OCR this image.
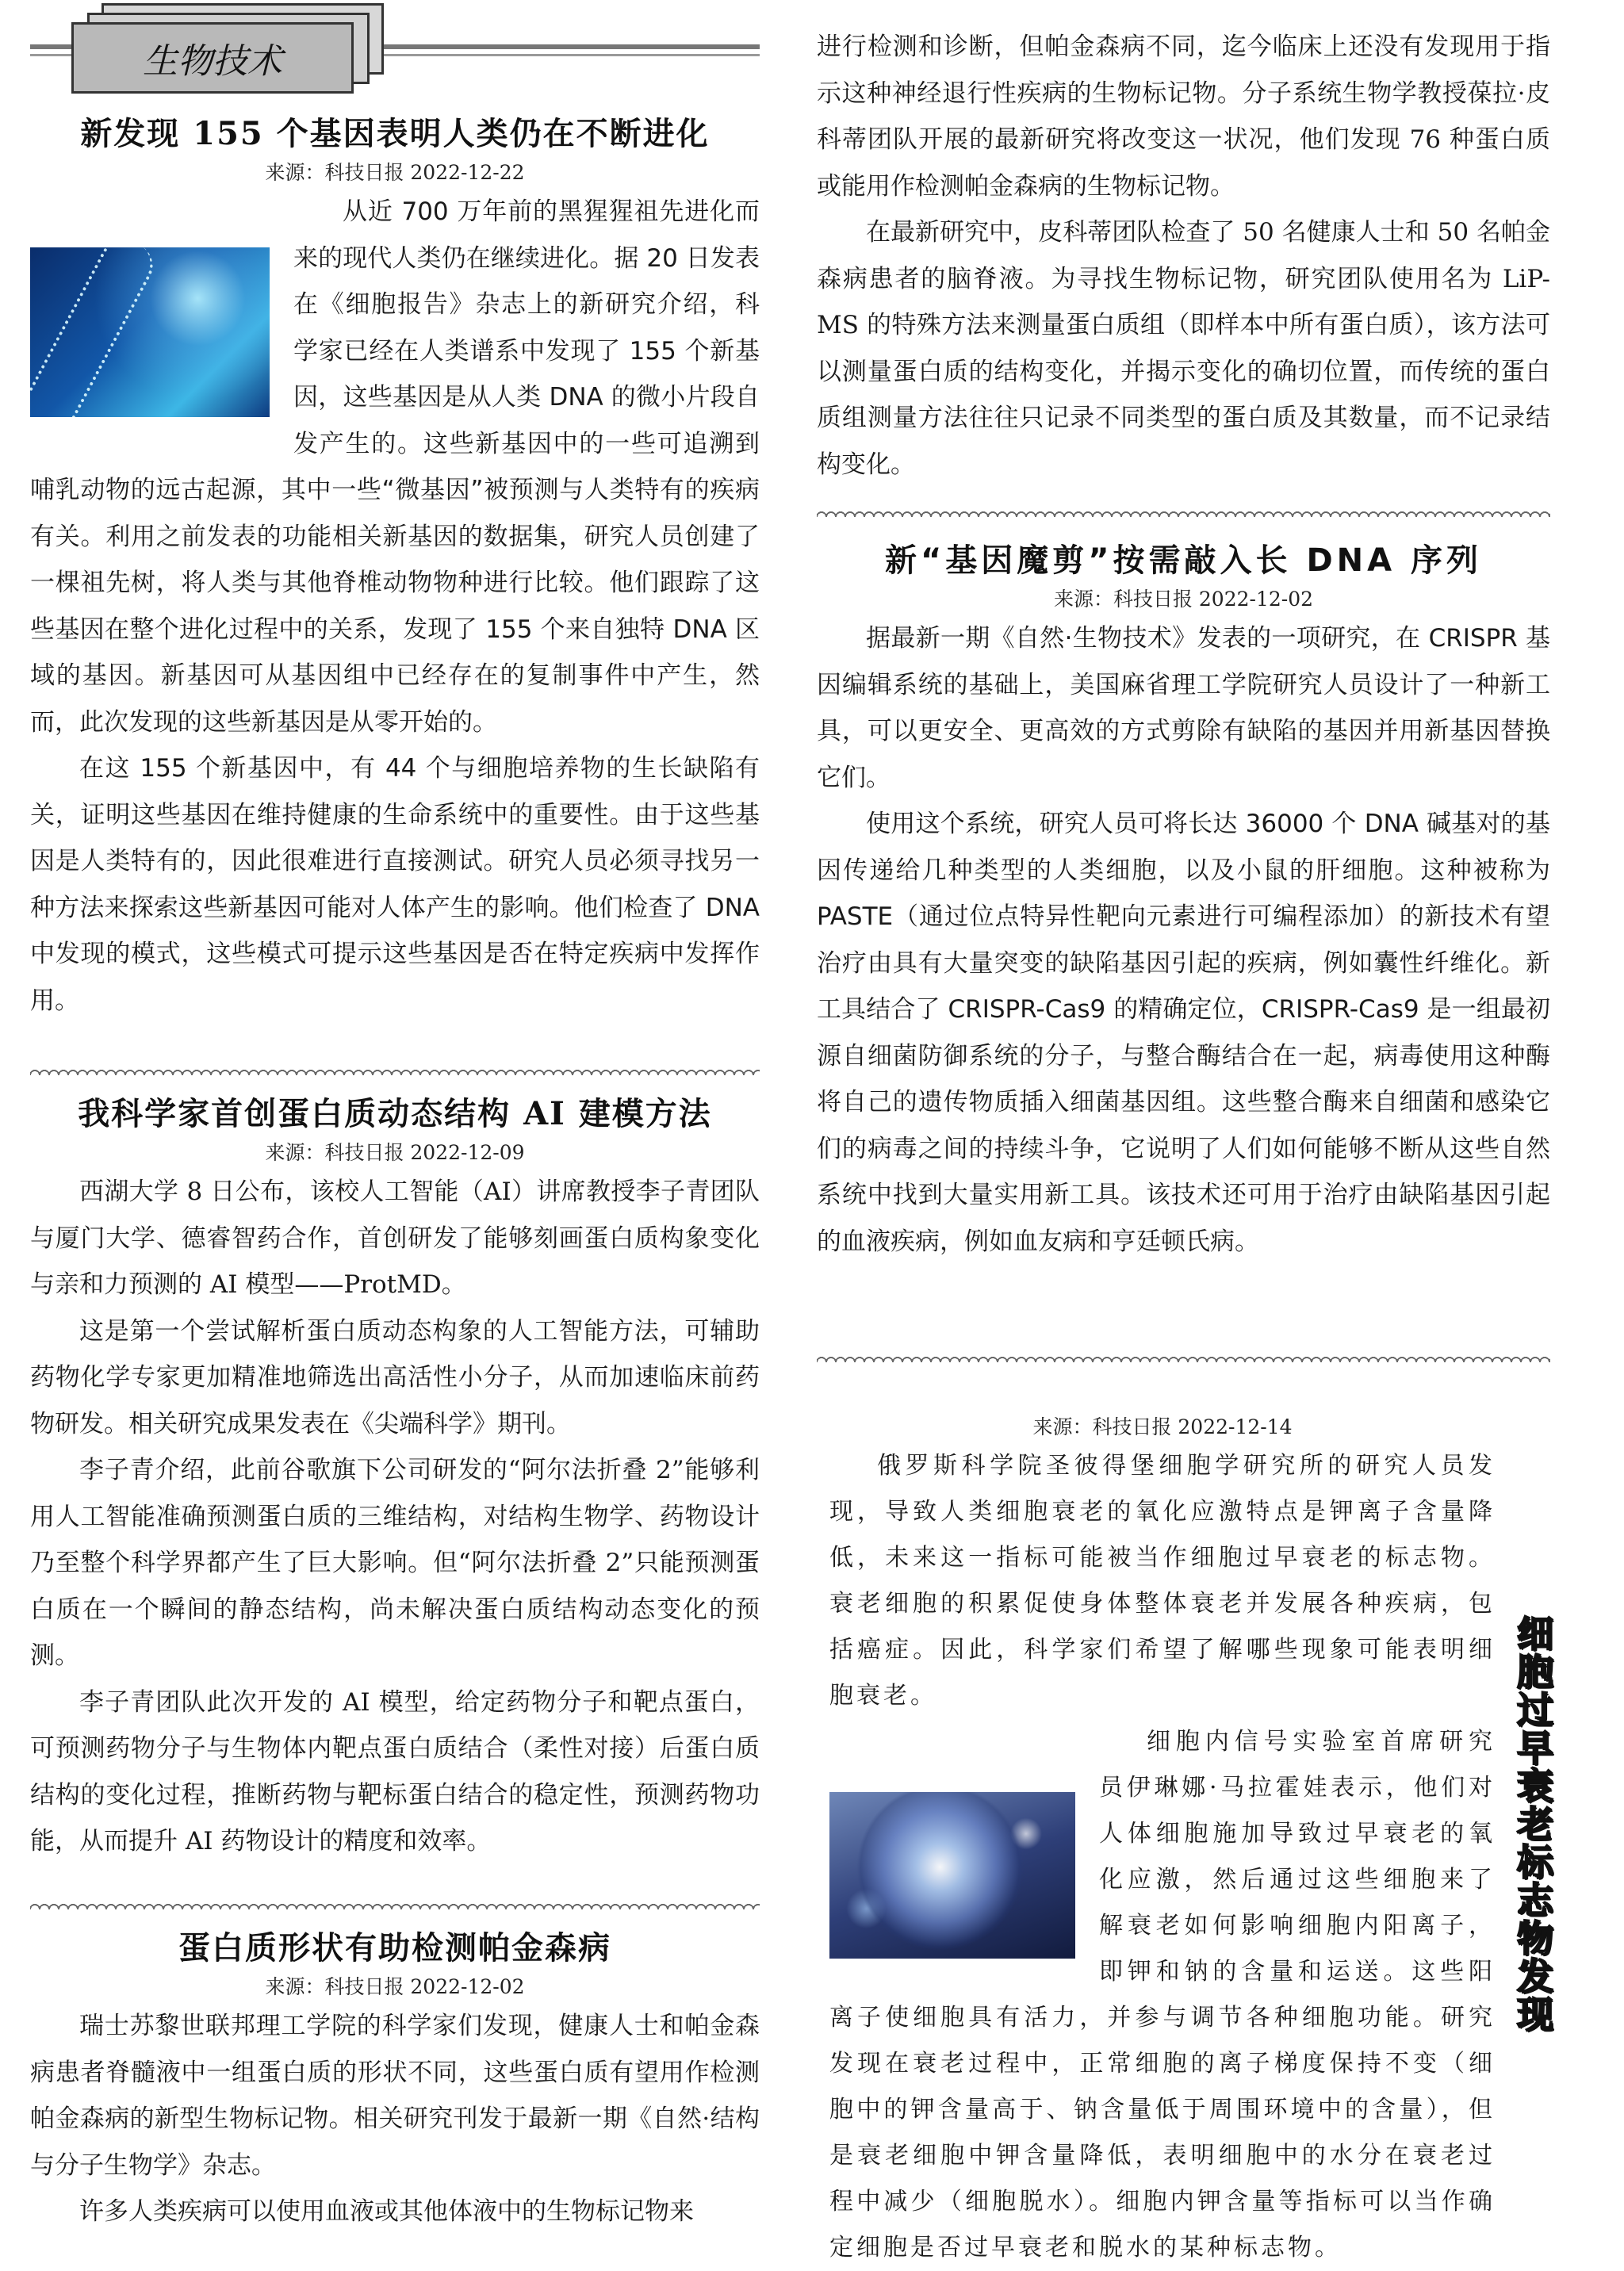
生物技术
新发现 155 个基因表明人类仍在不断进化

来源：科技日报 2022-12-22

从近 700 万年前的黑猩猩祖先进化而来的现代人类仍在继续进化。据 20 日发表在《细胞报告》杂志上的新研究介绍，科学家已经在人类谱系中发现了 155 个新基因，这些基因是从人类 DNA 的微小片段自发产生的。这些新基因中的一些可追溯到哺乳动物的远古起源，其中一些“微基因”被预测与人类特有的疾病有关。利用之前发表的功能相关新基因的数据集，研究人员创建了一棵祖先树，将人类与其他脊椎动物物种进行比较。他们跟踪了这些基因在整个进化过程中的关系，发现了 155 个来自独特 DNA 区域的基因。新基因可从基因组中已经存在的复制事件中产生，然而，此次发现的这些新基因是从零开始的。

在这 155 个新基因中，有 44 个与细胞培养物的生长缺陷有关，证明这些基因在维持健康的生命系统中的重要性。由于这些基因是人类特有的，因此很难进行直接测试。研究人员必须寻找另一种方法来探索这些新基因可能对人体产生的影响。他们检查了 DNA 中发现的模式，这些模式可提示这些基因是否在特定疾病中发挥作用。

我科学家首创蛋白质动态结构 AI 建模方法

来源：科技日报 2022-12-09

西湖大学 8 日公布，该校人工智能（AI）讲席教授李子青团队与厦门大学、德睿智药合作，首创研发了能够刻画蛋白质构象变化与亲和力预测的 AI 模型——ProtMD。

这是第一个尝试解析蛋白质动态构象的人工智能方法，可辅助药物化学专家更加精准地筛选出高活性小分子，从而加速临床前药物研发。相关研究成果发表在《尖端科学》期刊。

李子青介绍，此前谷歌旗下公司研发的“阿尔法折叠 2”能够利用人工智能准确预测蛋白质的三维结构，对结构生物学、药物设计乃至整个科学界都产生了巨大影响。但“阿尔法折叠 2”只能预测蛋白质在一个瞬间的静态结构，尚未解决蛋白质结构动态变化的预测。

李子青团队此次开发的 AI 模型，给定药物分子和靶点蛋白，可预测药物分子与生物体内靶点蛋白质结合（柔性对接）后蛋白质结构的变化过程，推断药物与靶标蛋白结合的稳定性，预测药物功能，从而提升 AI 药物设计的精度和效率。

蛋白质形状有助检测帕金森病

来源：科技日报 2022-12-02

瑞士苏黎世联邦理工学院的科学家们发现，健康人士和帕金森病患者脊髓液中一组蛋白质的形状不同，这些蛋白质有望用作检测帕金森病的新型生物标记物。相关研究刊发于最新一期《自然·结构与分子生物学》杂志。

许多人类疾病可以使用血液或其他体液中的生物标记物来

进行检测和诊断，但帕金森病不同，迄今临床上还没有发现用于指示这种神经退行性疾病的生物标记物。分子系统生物学教授葆拉·皮科蒂团队开展的最新研究将改变这一状况，他们发现 76 种蛋白质或能用作检测帕金森病的生物标记物。

在最新研究中，皮科蒂团队检查了 50 名健康人士和 50 名帕金森病患者的脑脊液。为寻找生物标记物，研究团队使用名为 LiP-MS 的特殊方法来测量蛋白质组（即样本中所有蛋白质），该方法可以测量蛋白质的结构变化，并揭示变化的确切位置，而传统的蛋白质组测量方法往往只记录不同类型的蛋白质及其数量，而不记录结构变化。

新“基因魔剪”按需敲入长 DNA 序列

来源：科技日报 2022-12-02

据最新一期《自然·生物技术》发表的一项研究，在 CRISPR 基因编辑系统的基础上，美国麻省理工学院研究人员设计了一种新工具，可以更安全、更高效的方式剪除有缺陷的基因并用新基因替换它们。

使用这个系统，研究人员可将长达 36000 个 DNA 碱基对的基因传递给几种类型的人类细胞，以及小鼠的肝细胞。这种被称为 PASTE（通过位点特异性靶向元素进行可编程添加）的新技术有望治疗由具有大量突变的缺陷基因引起的疾病，例如囊性纤维化。新工具结合了 CRISPR-Cas9 的精确定位，CRISPR-Cas9 是一组最初源自细菌防御系统的分子，与整合酶结合在一起，病毒使用这种酶将自己的遗传物质插入细菌基因组。这些整合酶来自细菌和感染它们的病毒之间的持续斗争，它说明了人们如何能够不断从这些自然系统中找到大量实用新工具。该技术还可用于治疗由缺陷基因引起的血液疾病，例如血友病和亨廷顿氏病。

来源：科技日报 2022-12-14

俄罗斯科学院圣彼得堡细胞学研究所的研究人员发现，导致人类细胞衰老的氧化应激特点是钾离子含量降低，未来这一指标可能被当作细胞过早衰老的标志物。衰老细胞的积累促使身体整体衰老并发展各种疾病，包括癌症。因此，科学家们希望了解哪些现象可能表明细胞衰老。

细胞内信号实验室首席研究员伊琳娜·马拉霍娃表示，他们对人体细胞施加导致过早衰老的氧化应激，然后通过这些细胞来了解衰老如何影响细胞内阳离子，即钾和钠的含量和运送。这些阳离子使细胞具有活力，并参与调节各种细胞功能。研究发现在衰老过程中，正常细胞的离子梯度保持不变（细胞中的钾含量高于、钠含量低于周围环境中的含量），但是衰老细胞中钾含量降低，表明细胞中的水分在衰老过程中减少（细胞脱水）。细胞内钾含量等指标可以当作确定细胞是否过早衰老和脱水的某种标志物。

细胞过早衰老标志物发现
